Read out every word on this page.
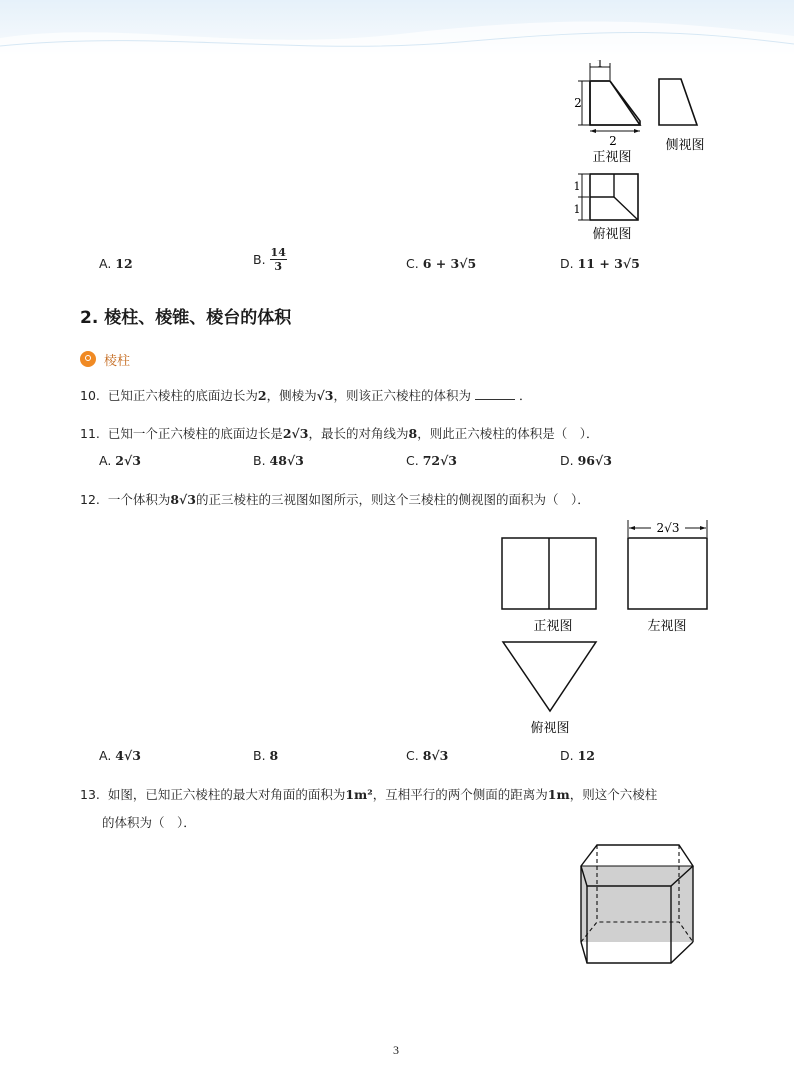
1
2
2
正视图
侧视图
1
1
俯视图
A. 12	B. $\frac{14}{3}$	C. 6 + 3√5	D. 11 + 3√5
2. 棱柱、棱锥、棱台的体积
棱柱
10. 已知正六棱柱的底面边长为2，侧棱为√3，则该正六棱柱的体积为	．
11. 已知一个正六棱柱的底面边长是2√3，最长的对角线为8，则此正六棱柱的体积是（　）．
A. 2√3	B. 48√3	C. 72√3	D. 96√3
12. 一个体积为8√3的正三棱柱的三视图如图所示，则这个三棱柱的侧视图的面积为（　）．
正视图
2√3
左视图
俯视图
A. 4√3	B. 8	C. 8√3	D. 12
13. 如图，已知正六棱柱的最大对角面的面积为1m²，互相平行的两个侧面的距离为1m，则这个六棱柱
的体积为（　）．
3
